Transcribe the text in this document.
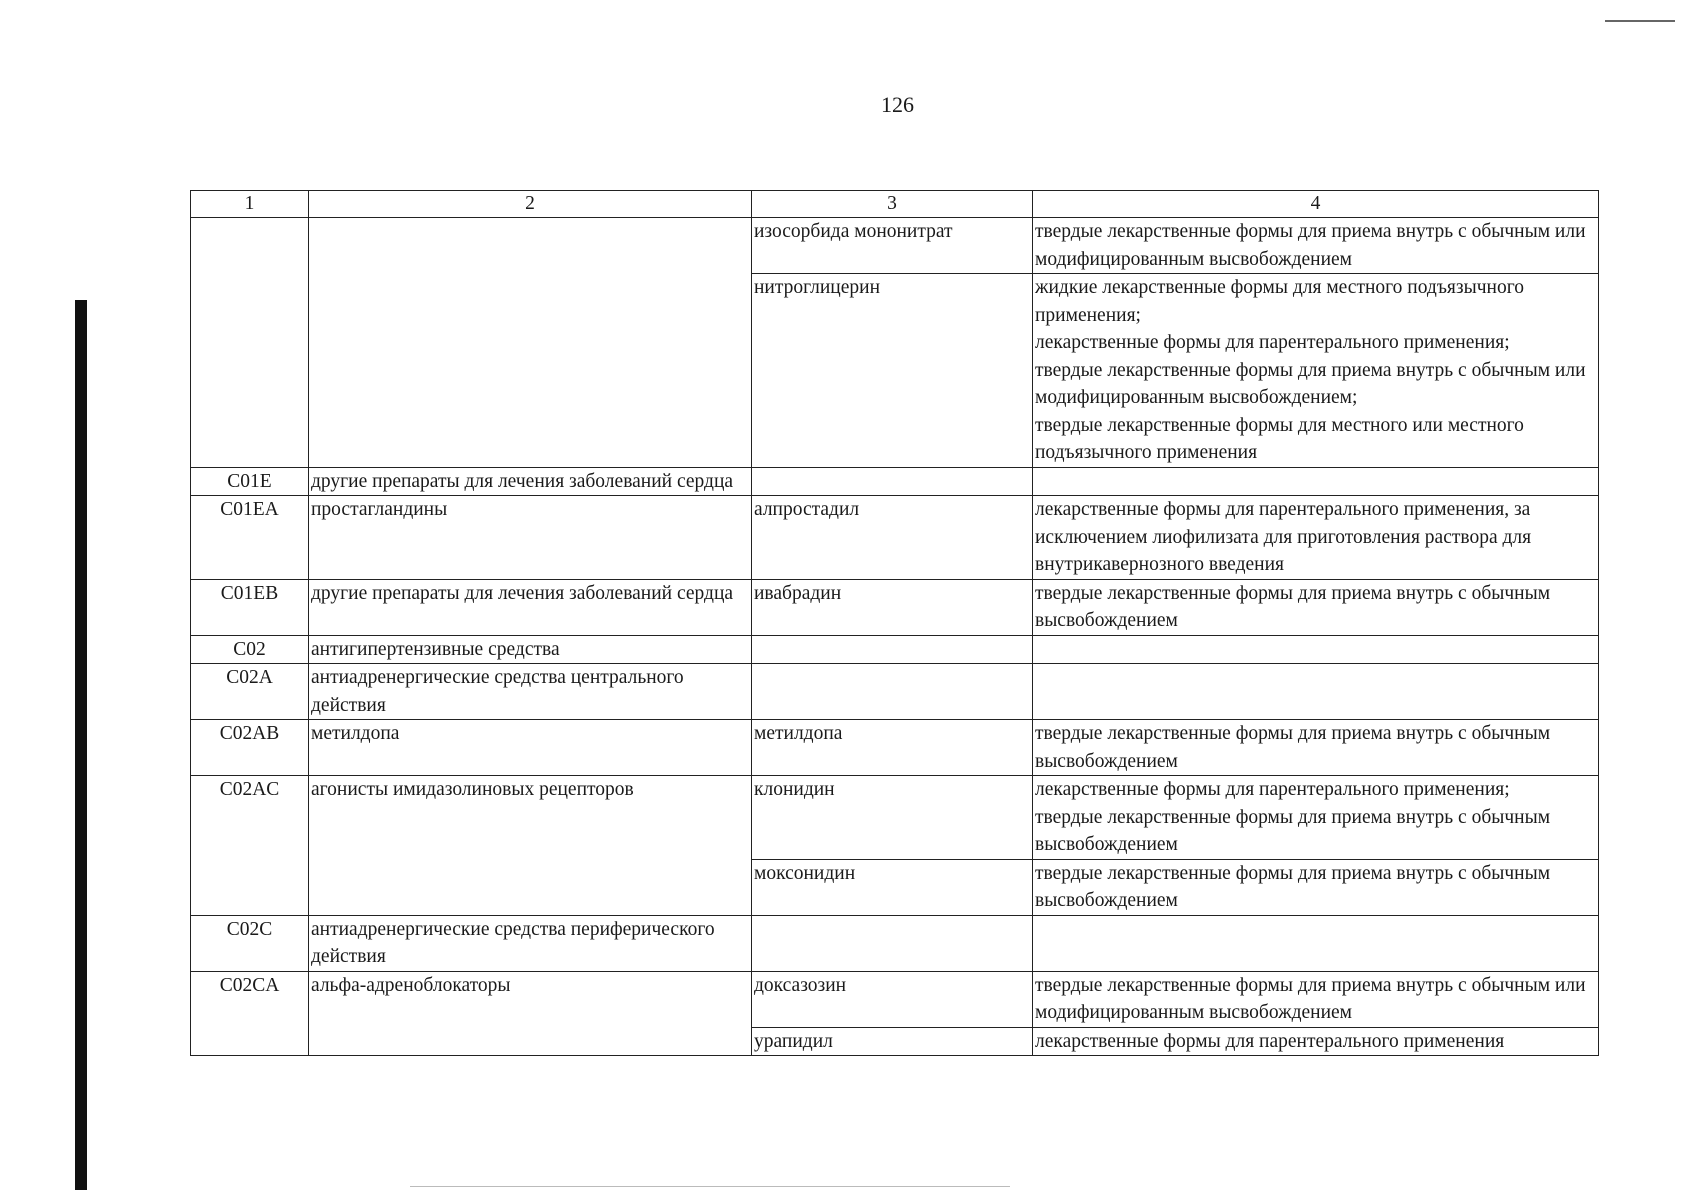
126
1	2	3	4
		изосорбида мононитрат	твердые лекарственные формы для приема внутрь с обычным или модифицированным высвобождением
		нитроглицерин	жидкие лекарственные формы для местного подъязычного применения;
лекарственные формы для парентерального применения;
твердые лекарственные формы для приема внутрь с обычным или модифицированным высвобождением;
твердые лекарственные формы для местного или местного подъязычного применения
C01E	другие препараты для лечения заболеваний сердца		
C01EA	простагландины	алпростадил	лекарственные формы для парентерального применения, за исключением лиофилизата для приготовления раствора для внутрикавернозного введения
C01EB	другие препараты для лечения заболеваний сердца	ивабрадин	твердые лекарственные формы для приема внутрь с обычным высвобождением
C02	антигипертензивные средства		
C02A	антиадренергические средства центрального действия		
C02AB	метилдопа	метилдопа	твердые лекарственные формы для приема внутрь с обычным высвобождением
C02AC	агонисты имидазолиновых рецепторов	клонидин	лекарственные формы для парентерального применения;
твердые лекарственные формы для приема внутрь с обычным высвобождением
		моксонидин	твердые лекарственные формы для приема внутрь с обычным высвобождением
C02C	антиадренергические средства периферического действия		
C02CA	альфа-адреноблокаторы	доксазозин	твердые лекарственные формы для приема внутрь с обычным или модифицированным высвобождением
		урапидил	лекарственные формы для парентерального применения
